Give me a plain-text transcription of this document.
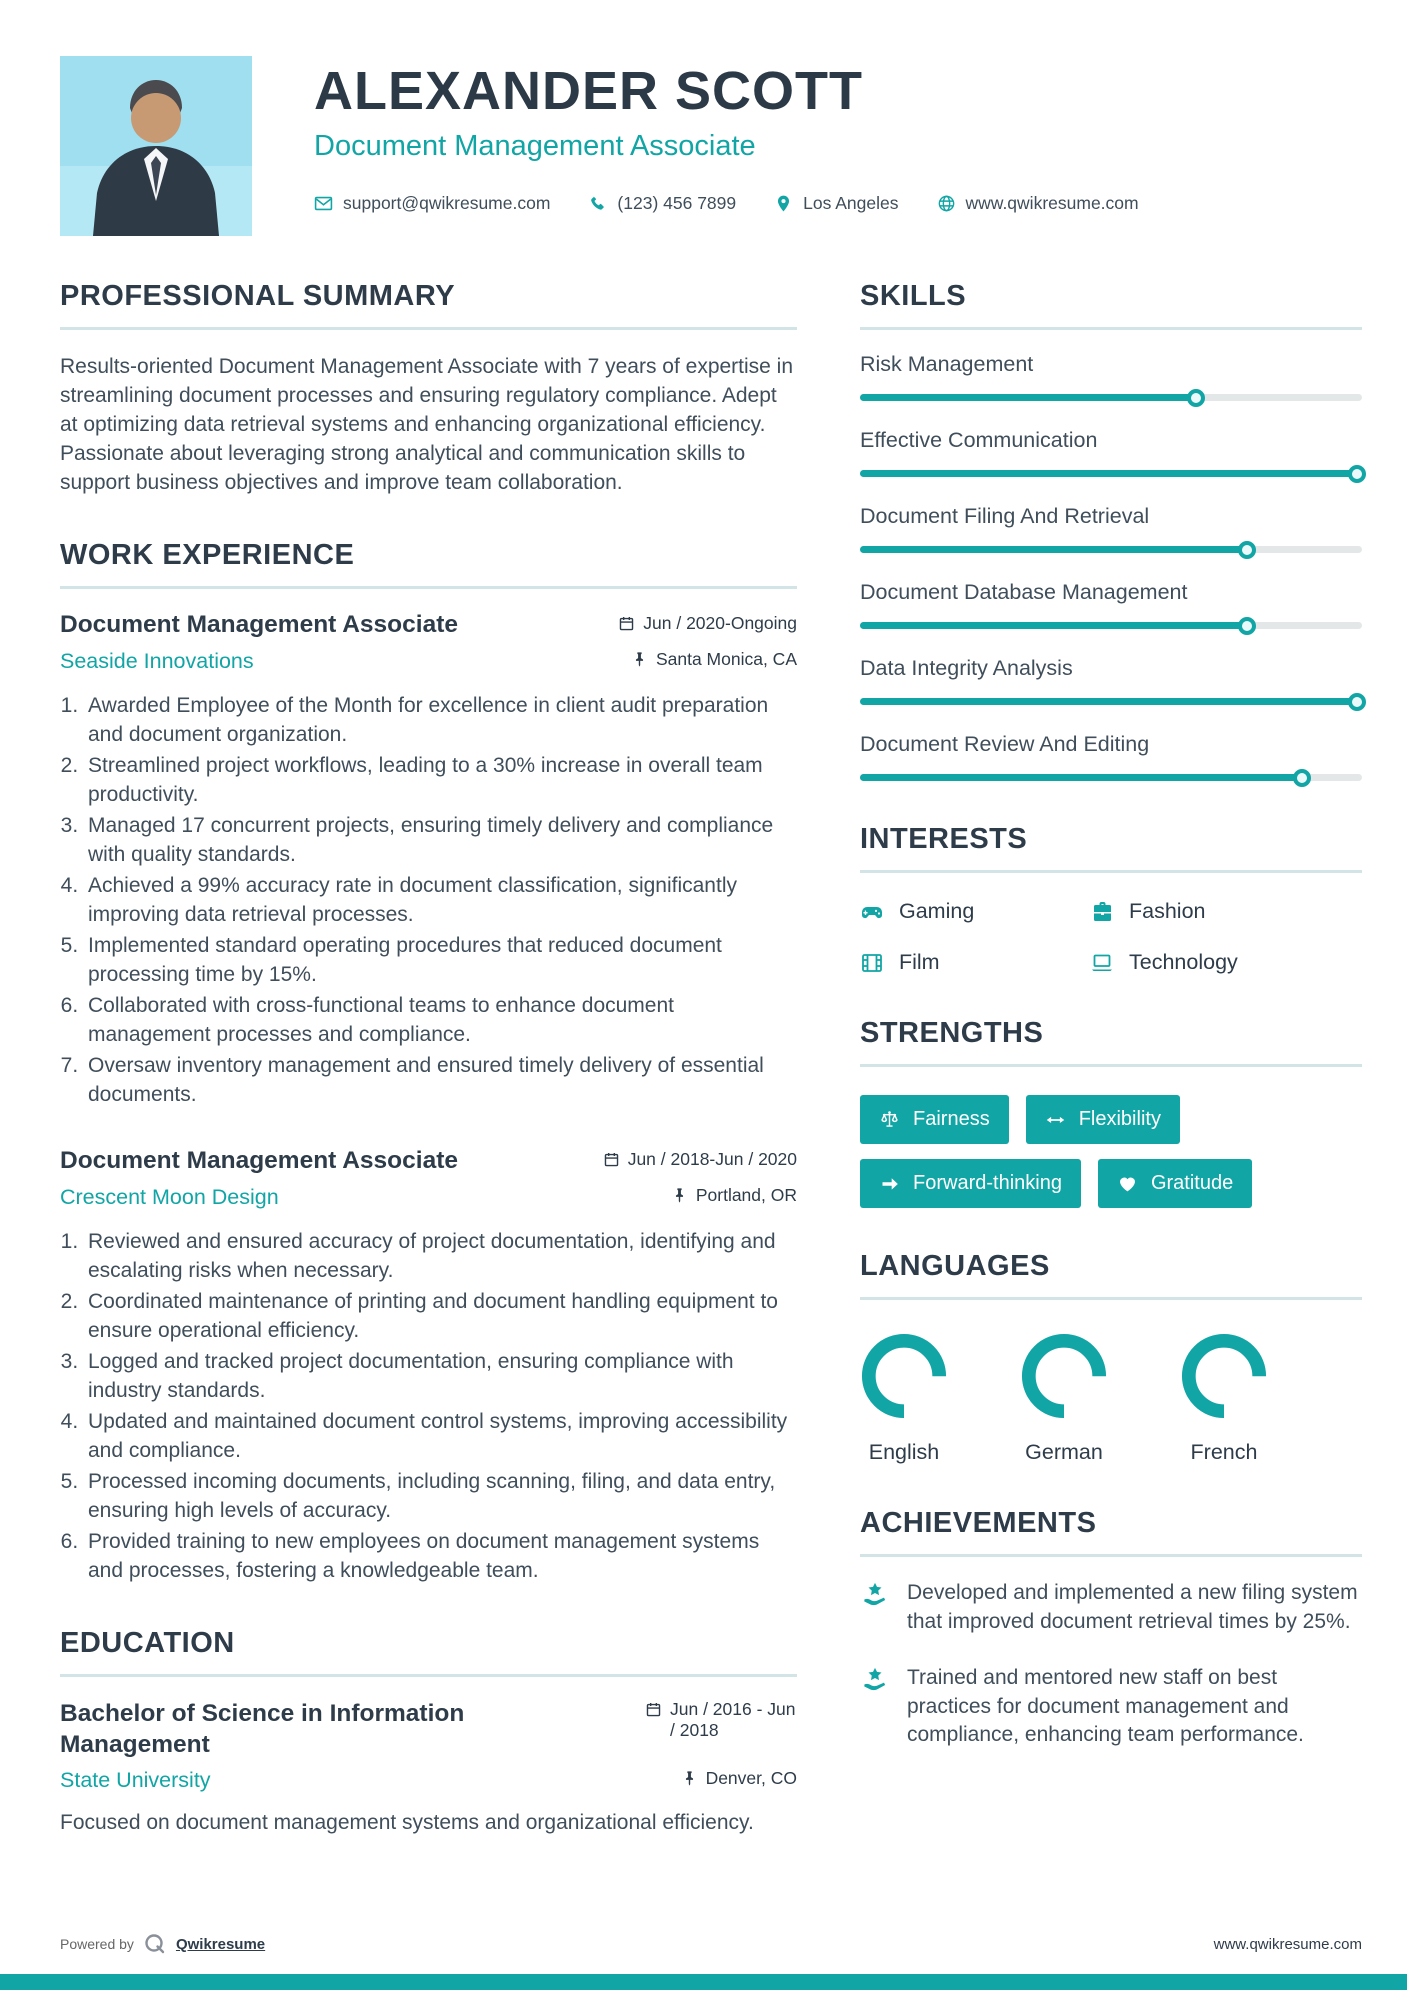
ALEXANDER SCOTT
Document Management Associate
support@qwikresume.com	(123) 456 7899	Los Angeles	www.qwikresume.com
PROFESSIONAL SUMMARY

Results-oriented Document Management Associate with 7 years of expertise in streamlining document processes and ensuring regulatory compliance. Adept at optimizing data retrieval systems and enhancing organizational efficiency. Passionate about leveraging strong analytical and communication skills to support business objectives and improve team collaboration.

WORK EXPERIENCE
Document Management Associate	Jun / 2020-Ongoing
Seaside Innovations	Santa Monica, CA
1. Awarded Employee of the Month for excellence in client audit preparation and document organization.
2. Streamlined project workflows, leading to a 30% increase in overall team productivity.
3. Managed 17 concurrent projects, ensuring timely delivery and compliance with quality standards.
4. Achieved a 99% accuracy rate in document classification, significantly improving data retrieval processes.
5. Implemented standard operating procedures that reduced document processing time by 15%.
6. Collaborated with cross-functional teams to enhance document management processes and compliance.
7. Oversaw inventory management and ensured timely delivery of essential documents.
Document Management Associate	Jun / 2018-Jun / 2020
Crescent Moon Design	Portland, OR
1. Reviewed and ensured accuracy of project documentation, identifying and escalating risks when necessary.
2. Coordinated maintenance of printing and document handling equipment to ensure operational efficiency.
3. Logged and tracked project documentation, ensuring compliance with industry standards.
4. Updated and maintained document control systems, improving accessibility and compliance.
5. Processed incoming documents, including scanning, filing, and data entry, ensuring high levels of accuracy.
6. Provided training to new employees on document management systems and processes, fostering a knowledgeable team.
EDUCATION
Bachelor of Science in Information Management
Jun / 2016 - Jun / 2018
State University	Denver, CO

Focused on document management systems and organizational efficiency.

SKILLS
Risk Management
Effective Communication
Document Filing And Retrieval
Document Database Management
Data Integrity Analysis
Document Review And Editing
INTERESTS
Gaming	Fashion
Film	Technology
STRENGTHS
Fairness	Flexibility
Forward-thinking	Gratitude
LANGUAGES
English	German	French
ACHIEVEMENTS
Developed and implemented a new filing system that improved document retrieval times by 25%.
Trained and mentored new staff on best practices for document management and compliance, enhancing team performance.
Powered by	Qwikresume	www.qwikresume.com
